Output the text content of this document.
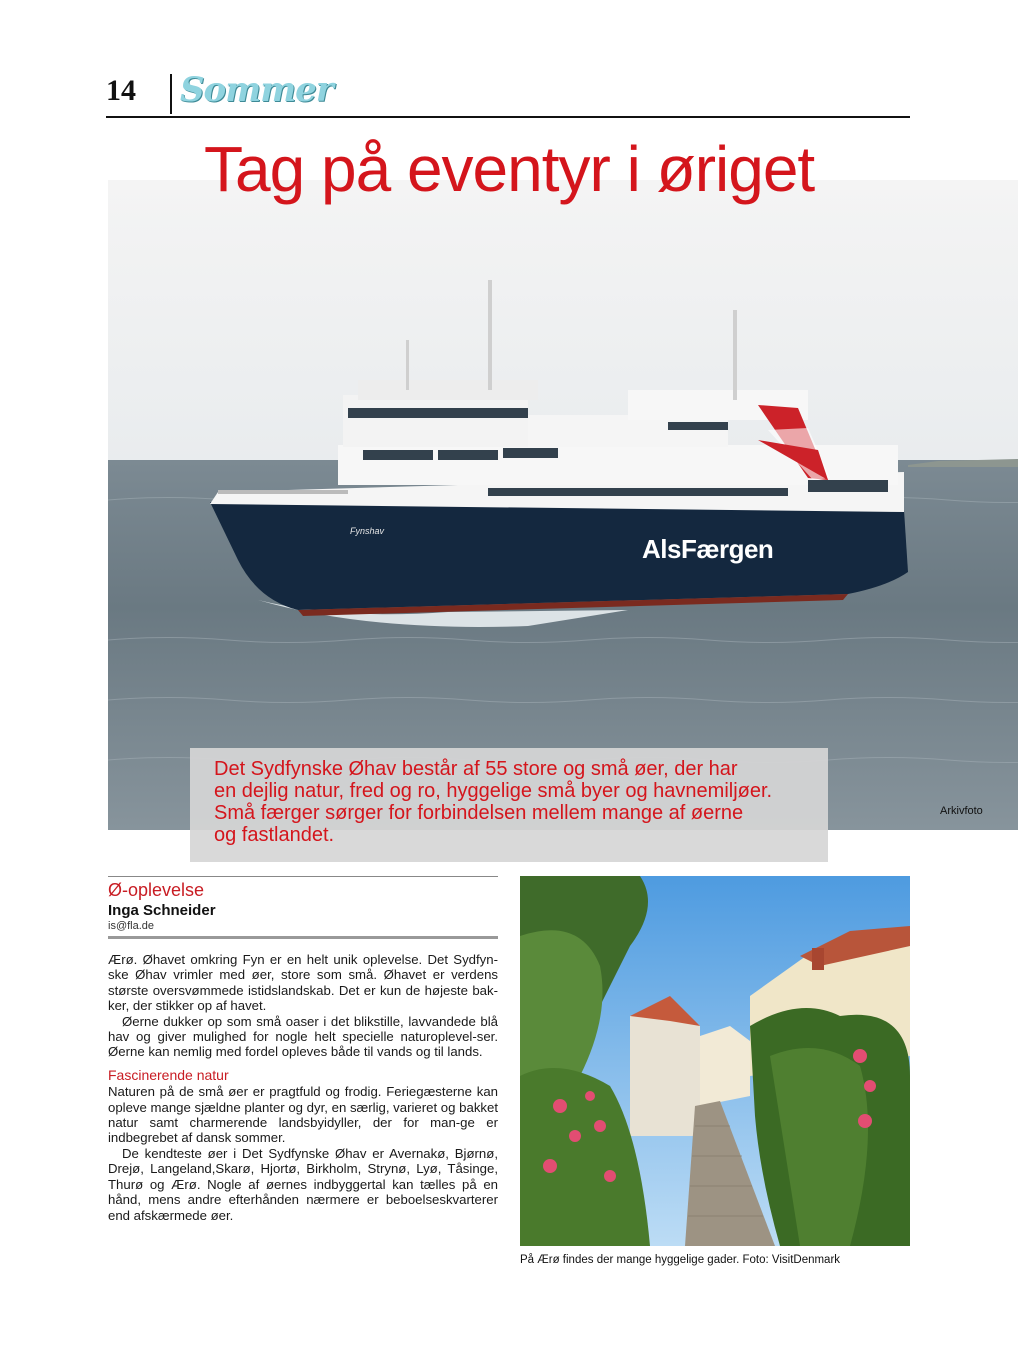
14 Sommer
Fynshav
AlsFærgen
Tag på eventyr i øriget
Arkivfoto
Det Sydfynske Øhav består af 55 store og små øer, der har
en dejlig natur, fred og ro, hyggelige små byer og havnemiljøer.
Små færger sørger for forbindelsen mellem mange af øerne
og fastlandet.
Ø-oplevelse
Inga Schneider
is@fla.de

Ærø. Øhavet omkring Fyn er en helt unik oplevelse. Det Sydfyn-ske Øhav vrimler med øer, store som små. Øhavet er verdens største oversvømmede istidslandskab. Det er kun de højeste bak-ker, der stikker op af havet.

Øerne dukker op som små oaser i det blikstille, lavvandede blå hav og giver mulighed for nogle helt specielle naturoplevel-ser. Øerne kan nemlig med fordel opleves både til vands og til lands.

Fascinerende natur

Naturen på de små øer er pragtfuld og frodig. Feriegæsterne kan opleve mange sjældne planter og dyr, en særlig, varieret og bakket natur samt charmerende landsbyidyller, der for man-ge er indbegrebet af dansk sommer.

De kendteste øer i Det Sydfynske Øhav er Avernakø, Bjørnø, Drejø, Langeland,Skarø, Hjortø, Birkholm, Strynø, Lyø, Tåsinge, Thurø og Ærø. Nogle af øernes indbyggertal kan tælles på en hånd, mens andre efterhånden nærmere er beboelseskvarterer end afskærmede øer.

På Ærø findes der mange hyggelige gader. Foto: VisitDenmark
